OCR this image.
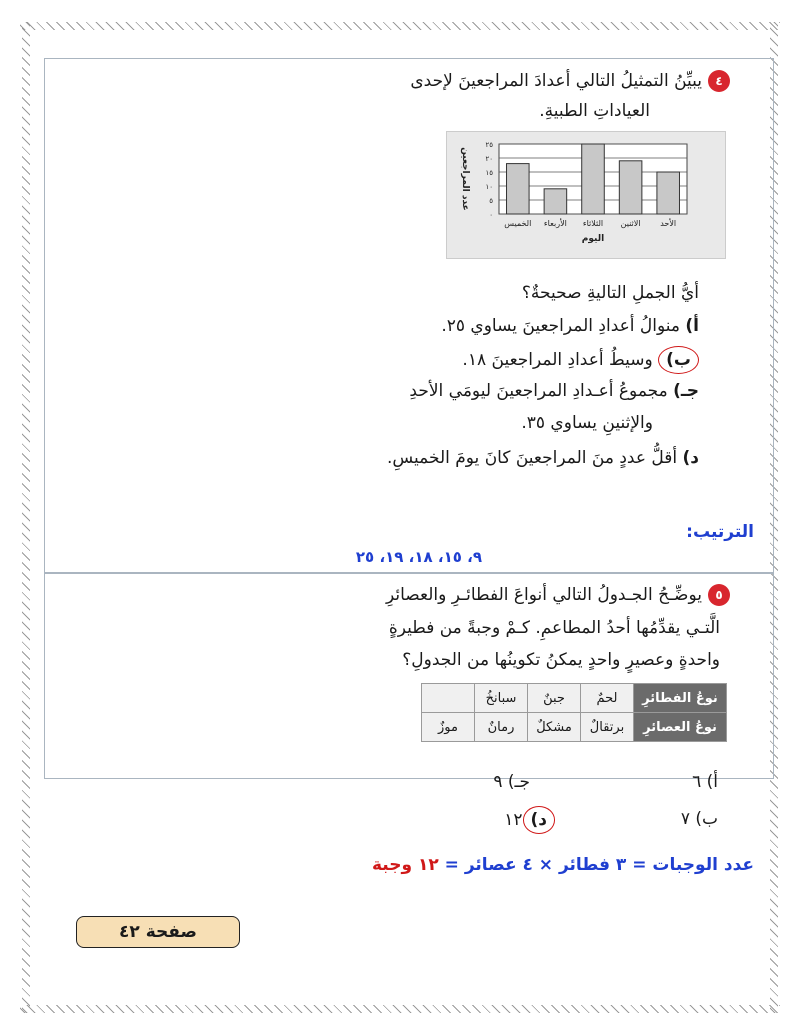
٤يبيِّنُ التمثيلُ التالي أعدادَ المراجعينَ لإحدى
العياداتِ الطبيةِ.
٠
٥
١٠
١٥
٢٠
٢٥
الخميس الأربعاء الثلاثاء الاثنين الأحد
اليوم
عدد المراجعين
أيُّ الجملِ التاليةِ صحيحةٌ؟
أ) منوالُ أعدادِ المراجعينَ يساوي ٢٥.
ب) وسيطُ أعدادِ المراجعينَ ١٨.
جـ) مجموعُ أعـدادِ المراجعينَ ليومَي الأحدِ
والإثنينِ يساوي ٣٥.
د) أقلُّ عددٍ منَ المراجعينَ كانَ يومَ الخميسِ.
الترتيب:
٩، ١٥، ١٨، ١٩، ٢٥
٥يوضِّـحُ الجـدولُ التالي أنواعَ الفطائـرِ والعصائرِ
الَّتـي يقدِّمُها أحدُ المطاعمِ. كـمْ وجبةً من فطيرةٍ
واحدةٍ وعصيرٍ واحدٍ يمكنُ تكوينُها من الجدولِ؟
نوعُ الفطائرِ	لحمٌ	جبنٌ	سبانخُ	
نوعُ العصائرِ	برتقالٌ	مشكلٌ	رمانٌ	موزٌ
أ) ٦
جـ) ٩
ب) ٧
د)١٢
عدد الوجبات = ٣ فطائر × ٤ عصائر = ١٢ وجبة
صفحة ٤٢
